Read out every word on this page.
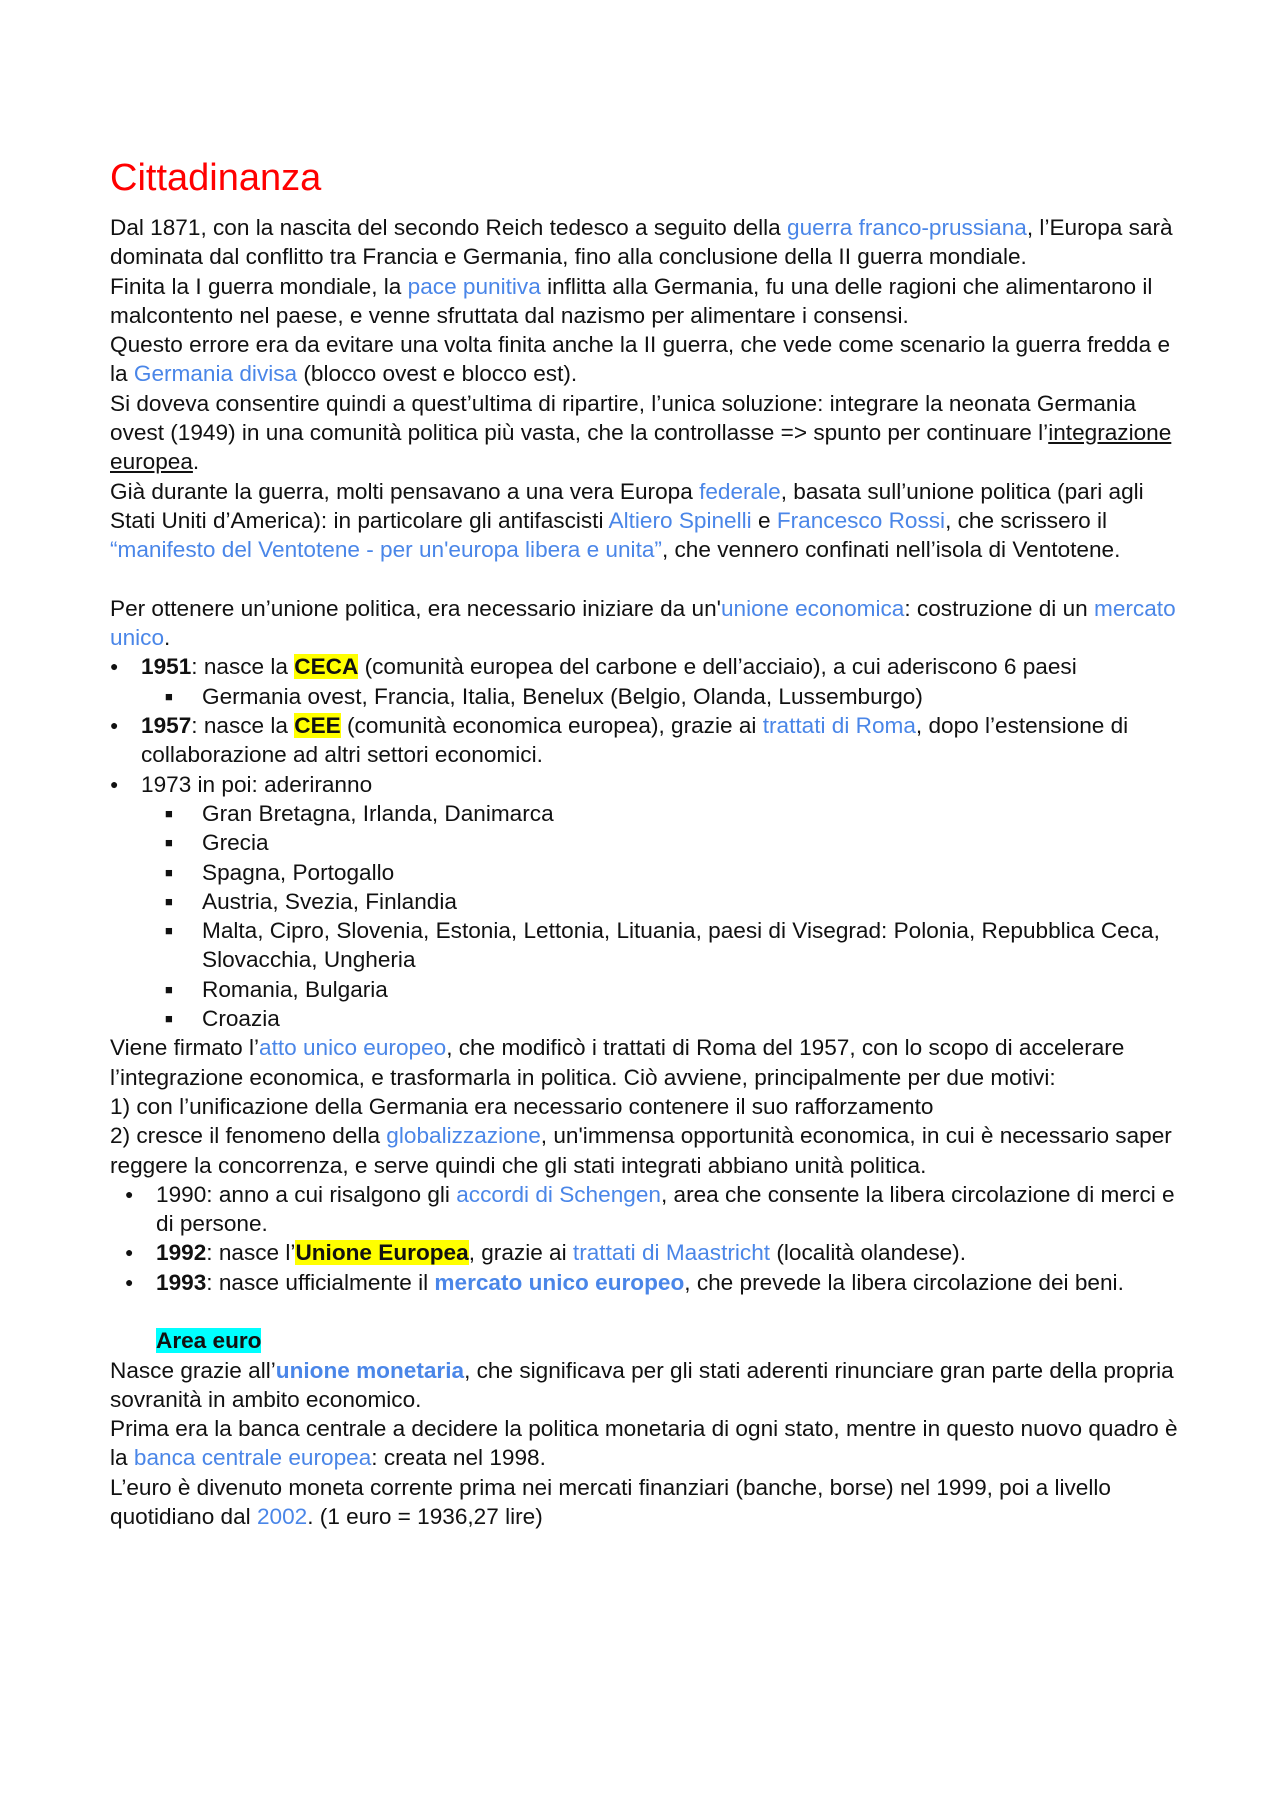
Cittadinanza

Dal 1871, con la nascita del secondo Reich tedesco a seguito della guerra franco-prussiana, l’Europa sarà dominata dal conflitto tra Francia e Germania, fino alla conclusione della II guerra mondiale.

Finita la I guerra mondiale, la pace punitiva inflitta alla Germania, fu una delle ragioni che alimentarono il malcontento nel paese, e venne sfruttata dal nazismo per alimentare i consensi.

Questo errore era da evitare una volta finita anche la II guerra, che vede come scenario la guerra fredda e la Germania divisa (blocco ovest e blocco est).

Si doveva consentire quindi a quest’ultima di ripartire, l’unica soluzione: integrare la neonata Germania ovest (1949) in una comunità politica più vasta, che la controllasse => spunto per continuare l’integrazione europea.

Già durante la guerra, molti pensavano a una vera Europa federale, basata sull’unione politica (pari agli Stati Uniti d’America): in particolare gli antifascisti Altiero Spinelli e Francesco Rossi, che scrissero il “manifesto del Ventotene - per un'europa libera e unita”, che vennero confinati nell’isola di Ventotene.

Per ottenere un’unione politica, era necessario iniziare da un'unione economica: costruzione di un mercato unico.

● 1951: nasce la CECA (comunità europea del carbone e dell’acciaio), a cui aderiscono 6 paesi
■ Germania ovest, Francia, Italia, Benelux (Belgio, Olanda, Lussemburgo)
● 1957: nasce la CEE (comunità economica europea), grazie ai trattati di Roma, dopo l’estensione di collaborazione ad altri settori economici.
● 1973 in poi: aderiranno
■ Gran Bretagna, Irlanda, Danimarca
■ Grecia
■ Spagna, Portogallo
■ Austria, Svezia, Finlandia
■ Malta, Cipro, Slovenia, Estonia, Lettonia, Lituania, paesi di Visegrad: Polonia, Repubblica Ceca, Slovacchia, Ungheria
■ Romania, Bulgaria
■ Croazia

Viene firmato l’atto unico europeo, che modificò i trattati di Roma del 1957, con lo scopo di accelerare l’integrazione economica, e trasformarla in politica. Ciò avviene, principalmente per due motivi:

1) con l’unificazione della Germania era necessario contenere il suo rafforzamento

2) cresce il fenomeno della globalizzazione, un'immensa opportunità economica, in cui è necessario saper reggere la concorrenza, e serve quindi che gli stati integrati abbiano unità politica.

● 1990: anno a cui risalgono gli accordi di Schengen, area che consente la libera circolazione di merci e di persone.
● 1992: nasce l’Unione Europea, grazie ai trattati di Maastricht (località olandese).
● 1993: nasce ufficialmente il mercato unico europeo, che prevede la libera circolazione dei beni.

Area euro

Nasce grazie all’unione monetaria, che significava per gli stati aderenti rinunciare gran parte della propria sovranità in ambito economico.

Prima era la banca centrale a decidere la politica monetaria di ogni stato, mentre in questo nuovo quadro è la banca centrale europea: creata nel 1998.

L’euro è divenuto moneta corrente prima nei mercati finanziari (banche, borse) nel 1999, poi a livello quotidiano dal 2002. (1 euro = 1936,27 lire)
